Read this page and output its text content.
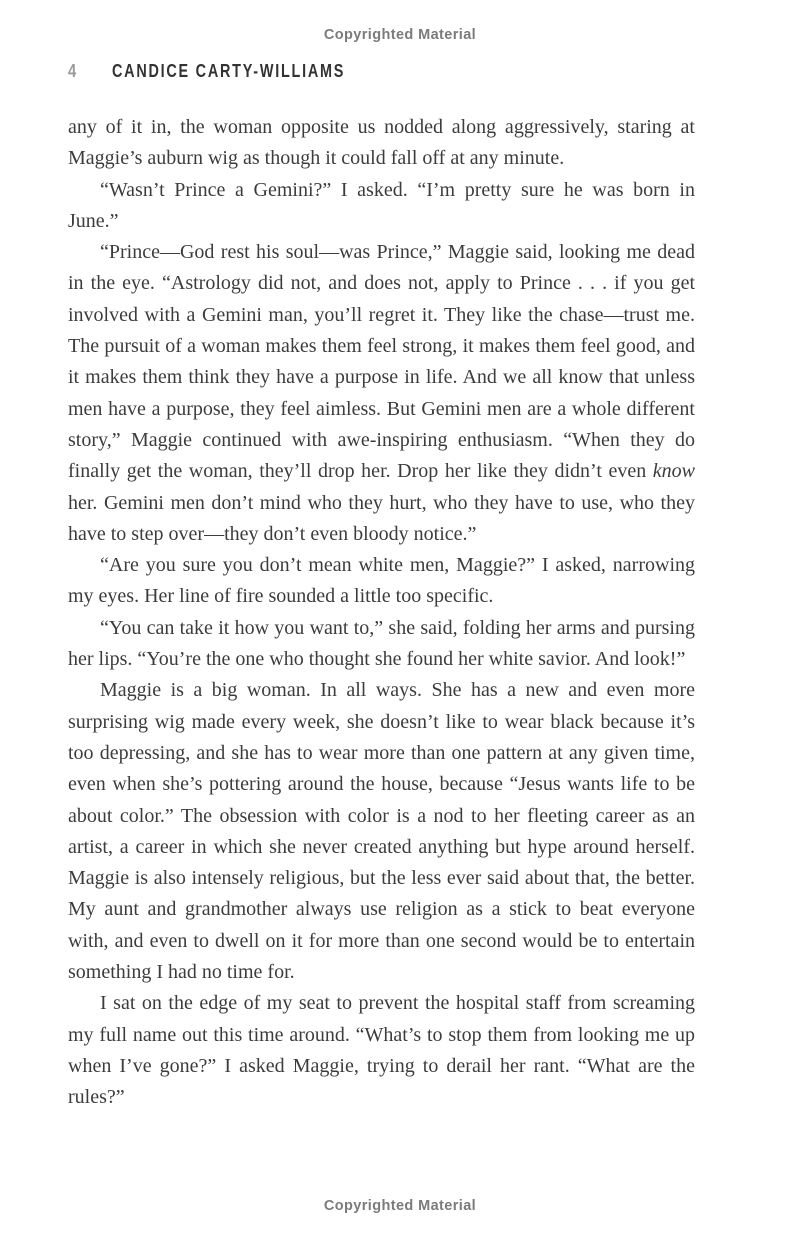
Copyrighted Material
4 CANDICE CARTY-WILLIAMS

any of it in, the woman opposite us nodded along aggressively, staring at Maggie’s auburn wig as though it could fall off at any minute.

“Wasn’t Prince a Gemini?” I asked. “I’m pretty sure he was born in June.”

“Prince—God rest his soul—was Prince,” Maggie said, looking me dead in the eye. “Astrology did not, and does not, apply to Prince . . . if you get involved with a Gemini man, you’ll regret it. They like the chase—trust me. The pursuit of a woman makes them feel strong, it makes them feel good, and it makes them think they have a purpose in life. And we all know that unless men have a purpose, they feel aimless. But Gemini men are a whole different story,” Maggie continued with awe-inspiring enthusiasm. “When they do finally get the woman, they’ll drop her. Drop her like they didn’t even know her. Gemini men don’t mind who they hurt, who they have to use, who they have to step over—they don’t even bloody notice.”

“Are you sure you don’t mean white men, Maggie?” I asked, narrowing my eyes. Her line of fire sounded a little too specific.

“You can take it how you want to,” she said, folding her arms and pursing her lips. “You’re the one who thought she found her white savior. And look!”

Maggie is a big woman. In all ways. She has a new and even more surprising wig made every week, she doesn’t like to wear black because it’s too depressing, and she has to wear more than one pattern at any given time, even when she’s pottering around the house, because “Jesus wants life to be about color.” The obsession with color is a nod to her fleeting career as an artist, a career in which she never created anything but hype around herself. Maggie is also intensely religious, but the less ever said about that, the better. My aunt and grandmother always use religion as a stick to beat everyone with, and even to dwell on it for more than one second would be to entertain something I had no time for.

I sat on the edge of my seat to prevent the hospital staff from screaming my full name out this time around. “What’s to stop them from looking me up when I’ve gone?” I asked Maggie, trying to derail her rant. “What are the rules?”

Copyrighted Material
